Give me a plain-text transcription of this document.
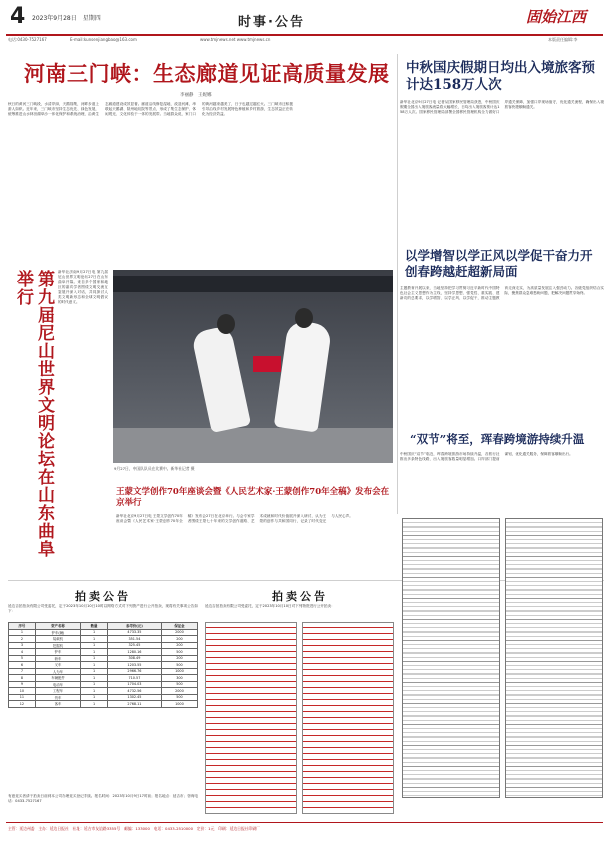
4 2023年9月28日　星期四	时事·公告	固始江西
电话:0430-7527167	E-mail:kunsenjiangbao@163.com	www.tmjnews.net www.tmjnews.cn	本版责任编辑:李
河南三门峡：生态廊道见证高质量发展
李丽静　王妮娜
秋日的黄河三门峡段，水清岸绿，天鹅翔集，河畔步道上游人如织。近年来，三门峡市坚持生态优先、绿色发展，统筹推进山水林田湖草沙一体化保护和系统治理，沿黄生态廊道建设成效显著。廊道沿线修复湿地、改造河滩，串联起天鹅湖、陕州地坑院等景点，形成了集生态保护、休闲观光、文化体验于一体的发展带。当地群众说，家门口的黄河越来越美了，日子也越过越红火。三门峡市还积极引导沿线乡村发展特色种植和乡村旅游，生态效益正在转化为经济效益。
中秋国庆假期日均出入境旅客预计达158万人次
新华社北京9月27日电 记者从国家移民管理局获悉，中秋国庆假期全国出入境旅客流量将大幅增长，日均出入境旅客预计达158万人次。国家移民管理局部署全国移民管理机构全力做好口岸通关保障，加强口岸现场值守，优化通关流程，确保出入境旅客快捷顺畅通关。
以学增智以学正风以学促干奋力开创春跨越赶超新局面
主题教育开展以来，当地坚持把学习贯彻习近平新时代中国特色社会主义思想作为主线，坚持学思想、强党性、重实践、建新功的总要求，以学增智、以学正风、以学促干，推动主题教育走深走实，为高质量发展注入强劲动力。各级党组织结合实际，聚焦群众急难愁盼问题，把解决问题贯穿始终。
“双节”将至，珲春跨境游持续升温
中秋国庆“双节”临近，珲春跨境旅游市场持续升温，各旅行社推出多条特色线路，出入境旅客数量明显增加。口岸部门提前谋划，优化通关服务，保障旅客顺畅出行。
新华社济南9月27日电 第九届尼山世界文明论坛27日在山东曲阜开幕。来自多个国家和地区的嘉宾学者围绕文明交流互鉴展开深入对话，共同探讨人类文明新形态和全球文明倡议的时代意义。
第九届尼山世界文明论坛在山东曲阜举行
9月27日，中国队队员在比赛中。新华社记者 摄
王蒙文学创作70年座谈会暨《人民艺术家·王蒙创作70年全稿》发布会在京举行
新华社北京9月27日电 王蒙文学创作70年座谈会暨《人民艺术家·王蒙创作70年全稿》发布会27日在北京举行。与会专家学者围绕王蒙七十年来的文学创作道路、艺术成就和时代价值展开深入研讨，认为王蒙的创作与共和国同行，记录了时代变迁与人民心声。
拍卖公告
延边吉拍拍卖有限公司受委托，定于2023年10月10日10时以网络方式对下列资产进行公开拍卖，现将有关事项公告如下：
序号	资产名称	数量	参考价(元)	保证金
1	铲车(辆)	1	4733.35	2000
2	装载机	1	351.54	200
3	挖掘机	1	325.45	200
4	铲车	1	1280.16	500
5	轿车	1	308.49	200
6	叉车	1	1203.55	500
7	人为车	1	2966.76	1000
8	车辆配件	1	710.57	300
9	电动车	1	1704.03	500
10	工程车	1	4732.56	2000
11	货车	1	1302.45	500
12	客车	1	2768.11	1000
有意竞买者请于拍卖日前到本公司办理竞买登记手续。报名时间：2023年10月9日17时前；报名地点：延吉市；咨询电话：0433-7527167
拍卖公告
延边吉拍拍卖有限公司受委托，定于2023年10月10日对下列物资进行公开拍卖：
主管：延边州委　主办：延边日报社　社址：延吉市友谊路3355号　邮编：133000　电话：0433-2510000　定价：1元　印刷：延边日报社印刷厂
